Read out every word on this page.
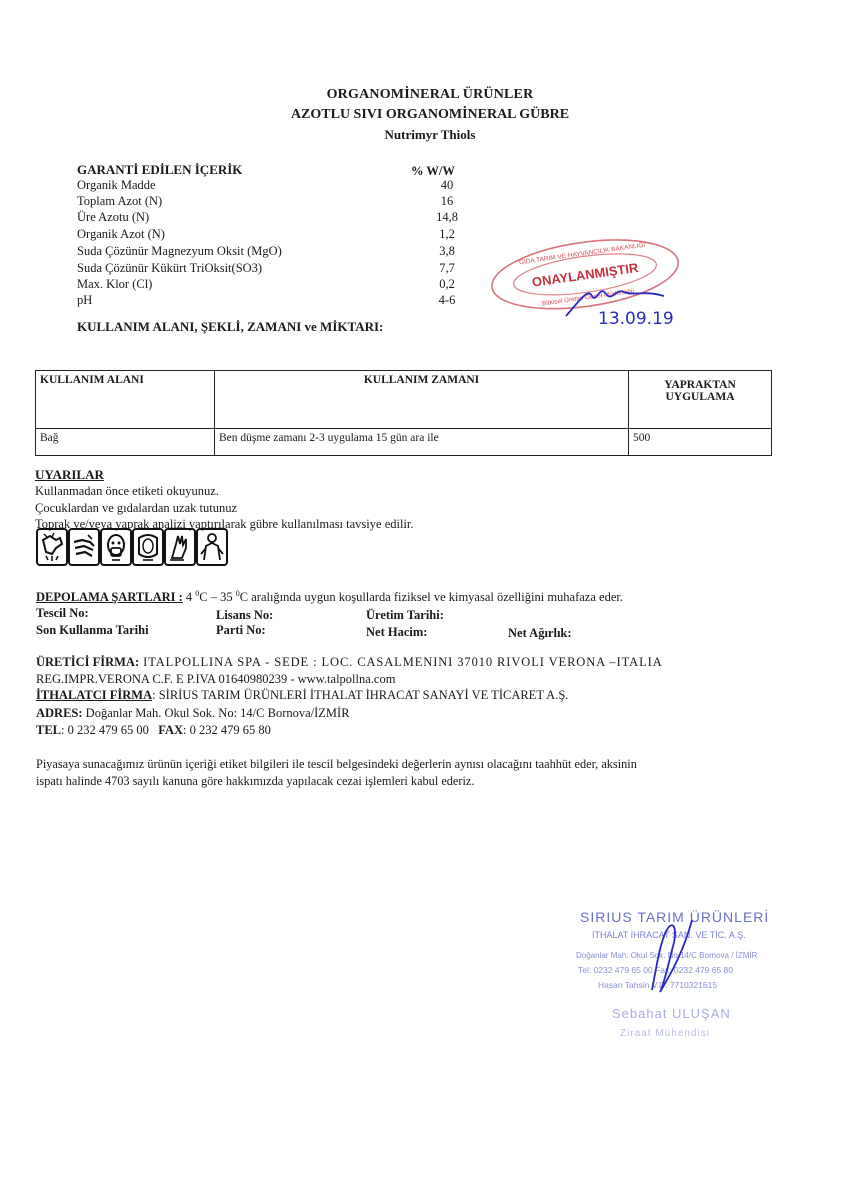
ORGANOMİNERAL ÜRÜNLER
AZOTLU SIVI ORGANOMİNERAL GÜBRE
Nutrimyr Thiols
GARANTİ EDİLEN İÇERİK	% W/W
Organik Madde	40
Toplam Azot (N)	16
Üre Azotu (N)	14,8
Organik Azot (N)	1,2
Suda Çözünür Magnezyum Oksit (MgO)	3,8
Suda Çözünür Kükürt TriOksit(SO3)	7,7
Max. Klor (Cl)	0,2
pH	4-6
GIDA TARIM VE HAYVANCILIK BAKANLIĞI
ONAYLANMIŞTIR
Bitkisel Üretim Genel Müdürlüğü
13.09.19
KULLANIM ALANI, ŞEKLİ, ZAMANI ve MİKTARI:
KULLANIM ALANI	KULLANIM ZAMANI	YAPRAKTAN UYGULAMA
Bağ	Ben düşme zamanı 2-3 uygulama 15 gün ara ile	500
UYARILAR
Kullanmadan önce etiketi okuyunuz.
Çocuklardan ve gıdalardan uzak tutunuz
Toprak ve/veya yaprak analizi yaptırılarak gübre kullanılması tavsiye edilir.
DEPOLAMA ŞARTLARI : 4 $^0$C – 35 $^0$C aralığında uygun koşullarda fiziksel ve kimyasal özelliğini muhafaza eder.
Tescil No:	Lisans No:	Üretim Tarihi:
Son Kullanma Tarihi	Parti No:	Net Hacim:	Net Ağırlık:
ÜRETİCİ FİRMA: ITALPOLLINA SPA - SEDE : LOC. CASALMENINI 37010 RIVOLI VERONA –ITALIA
REG.IMPR.VERONA C.F. E P.IVA 01640980239 - www.talpollna.com
İTHALATCI FİRMA: SİRİUS TARIM ÜRÜNLERİ İTHALAT İHRACAT SANAYİ VE TİCARET A.Ş.
ADRES: Doğanlar Mah. Okul Sok. No: 14/C Bornova/İZMİR
TEL: 0 232 479 65 00 FAX: 0 232 479 65 80
Piyasaya sunacağımız ürünün içeriği etiket bilgileri ile tescil belgesindeki değerlerin aynısı olacağını taahhüt eder, aksinin
ispatı halinde 4703 sayılı kanuna göre hakkımızda yapılacak cezai işlemleri kabul ederiz.
SIRIUS TARIM ÜRÜNLERİ
İTHALAT İHRACAT SAN. VE TİC. A.Ş.
Doğanlar Mah. Okul Sok. No:14/C Bornova / İZMİR
Tel: 0232 479 65 00 Fax: 0232 479 65 80
Hasan Tahsin V.D. 7710321615
Sebahat ULUŞAN
Ziraat Mühendisi
